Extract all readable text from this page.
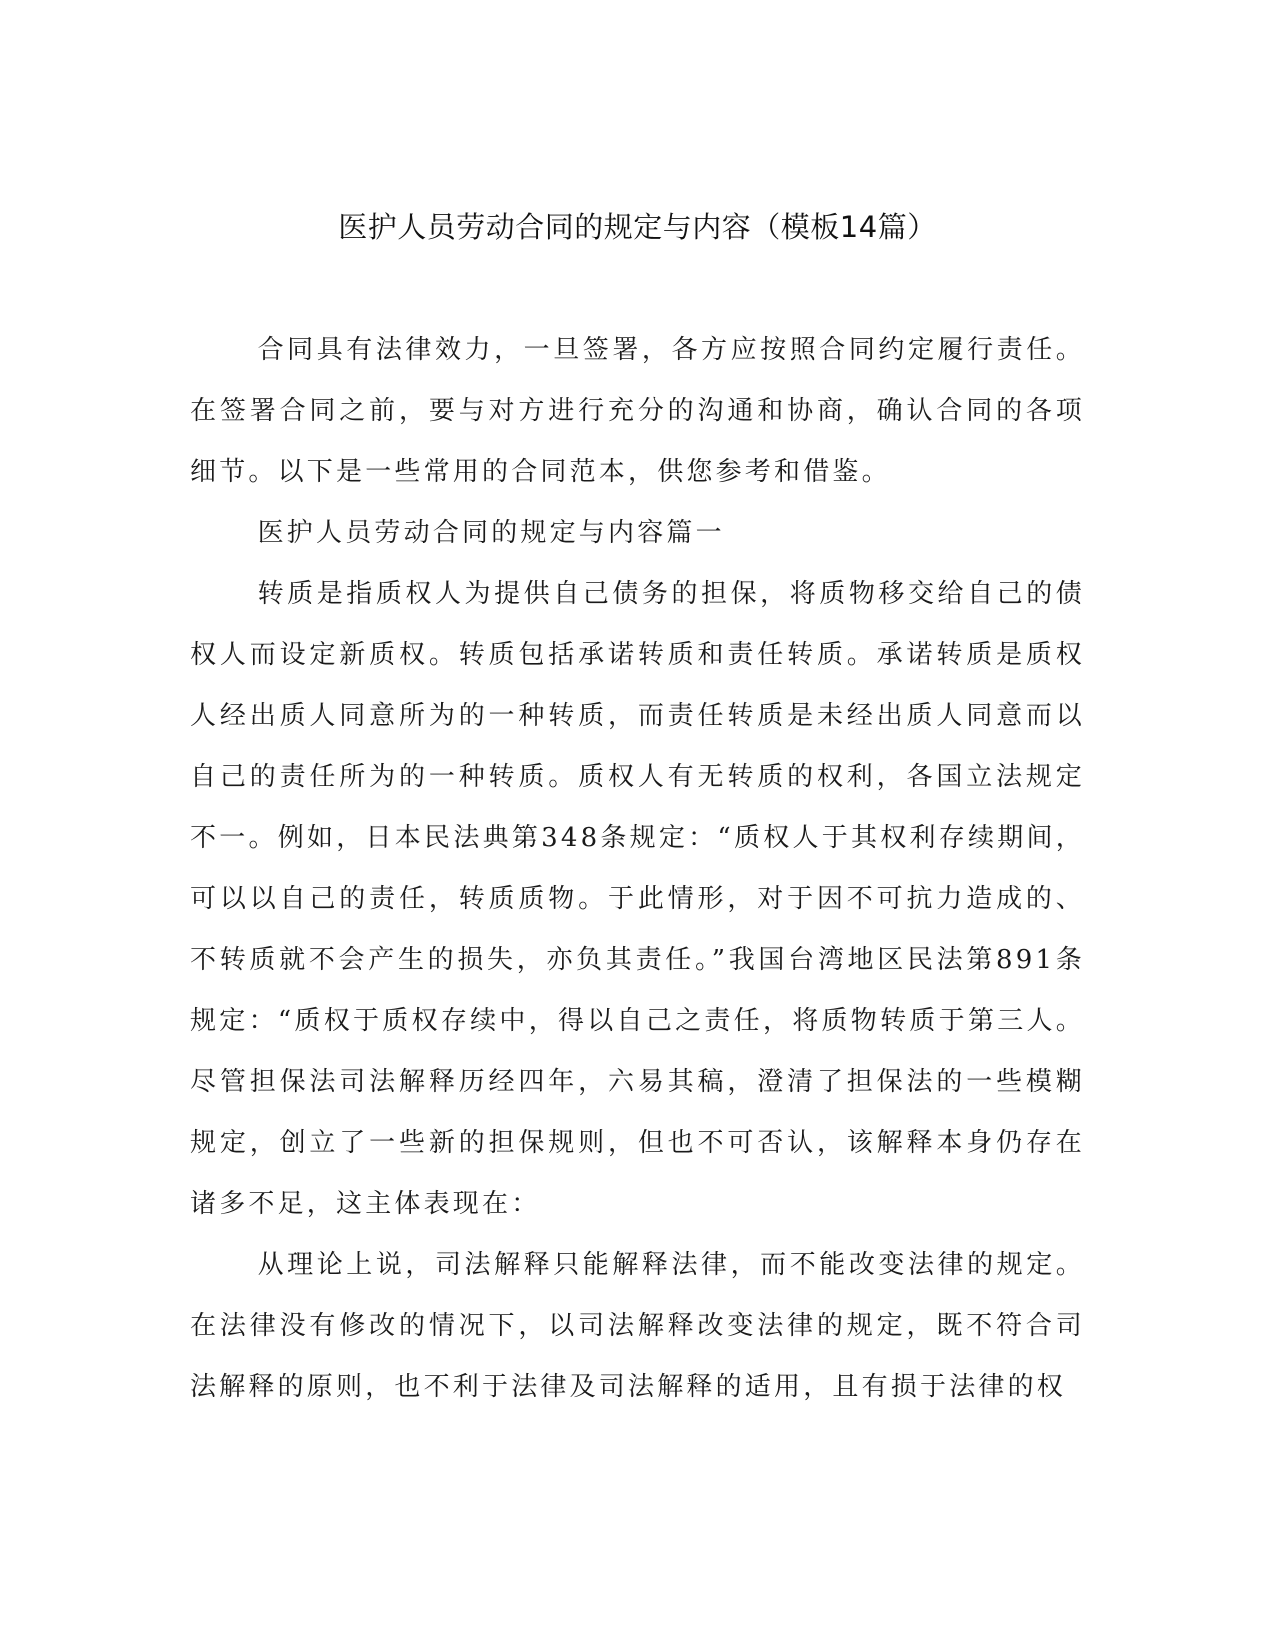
医护人员劳动合同的规定与内容（模板14篇）

合同具有法律效力，一旦签署，各方应按照合同约定履行责任。在签署合同之前，要与对方进行充分的沟通和协商，确认合同的各项细节。以下是一些常用的合同范本，供您参考和借鉴。

医护人员劳动合同的规定与内容篇一

转质是指质权人为提供自己债务的担保，将质物移交给自己的债权人而设定新质权。转质包括承诺转质和责任转质。承诺转质是质权人经出质人同意所为的一种转质，而责任转质是未经出质人同意而以自己的责任所为的一种转质。质权人有无转质的权利，各国立法规定不一。例如，日本民法典第348条规定：“质权人于其权利存续期间，可以以自己的责任，转质质物。于此情形，对于因不可抗力造成的、不转质就不会产生的损失，亦负其责任。”我国台湾地区民法第891条规定：“质权于质权存续中，得以自己之责任，将质物转质于第三人。尽管担保法司法解释历经四年，六易其稿，澄清了担保法的一些模糊规定，创立了一些新的担保规则，但也不可否认，该解释本身仍存在诸多不足，这主体表现在：

从理论上说，司法解释只能解释法律，而不能改变法律的规定。在法律没有修改的情况下，以司法解释改变法律的规定，既不符合司法解释的原则，也不利于法律及司法解释的适用，且有损于法律的权
